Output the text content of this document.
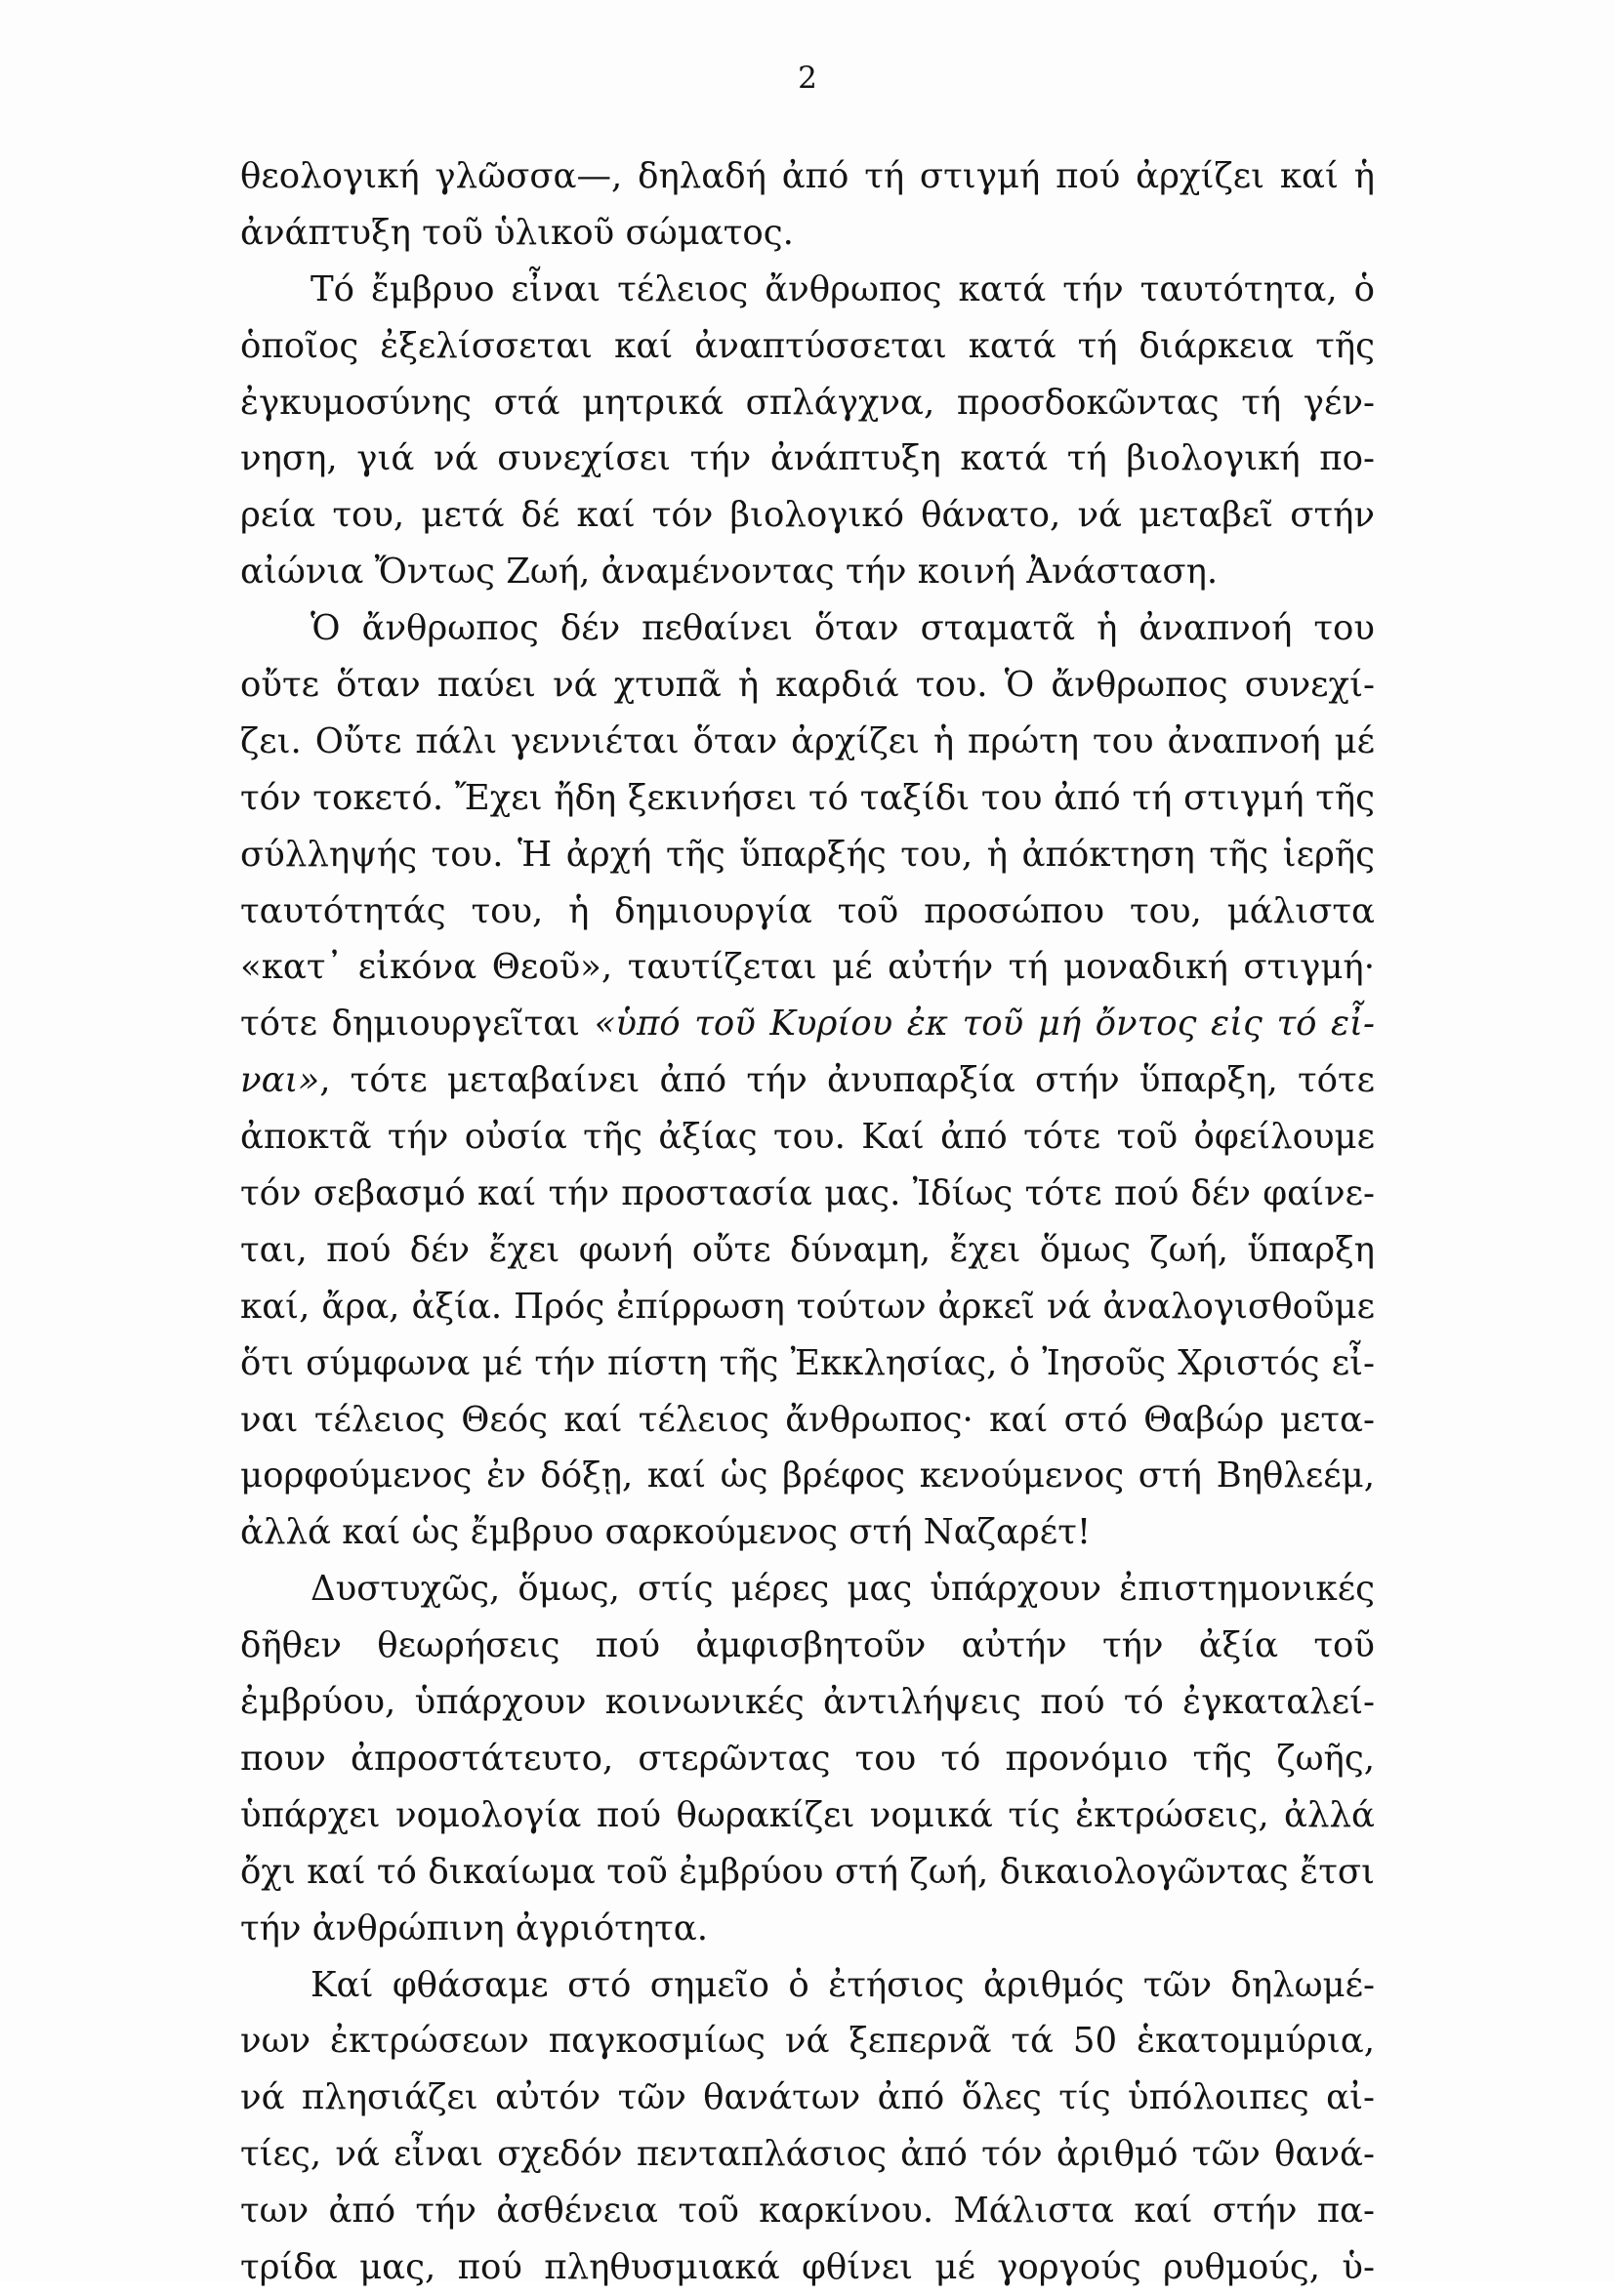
2
θεολογική γλῶσσα—, δηλαδή ἀπό τή στιγμή πού ἀρχίζει καί ἡ
ἀνάπτυξη τοῦ ὑλικοῦ σώματος.
Τό ἔμβρυο εἶναι τέλειος ἄνθρωπος κατά τήν ταυτότητα, ὁ
ὁποῖος ἐξελίσσεται καί ἀναπτύσσεται κατά τή διάρκεια τῆς
ἐγκυμοσύνης στά μητρικά σπλάγχνα, προσδοκῶντας τή γέν-
νηση, γιά νά συνεχίσει τήν ἀνάπτυξη κατά τή βιολογική πο-
ρεία του, μετά δέ καί τόν βιολογικό θάνατο, νά μεταβεῖ στήν
αἰώνια Ὄντως Ζωή, ἀναμένοντας τήν κοινή Ἀνάσταση.
Ὁ ἄνθρωπος δέν πεθαίνει ὅταν σταματᾶ ἡ ἀναπνοή του
οὔτε ὅταν παύει νά χτυπᾶ ἡ καρδιά του. Ὁ ἄνθρωπος συνεχί-
ζει. Οὔτε πάλι γεννιέται ὅταν ἀρχίζει ἡ πρώτη του ἀναπνοή μέ
τόν τοκετό. Ἔχει ἤδη ξεκινήσει τό ταξίδι του ἀπό τή στιγμή τῆς
σύλληψής του. Ἡ ἀρχή τῆς ὕπαρξής του, ἡ ἀπόκτηση τῆς ἱερῆς
ταυτότητάς του, ἡ δημιουργία τοῦ προσώπου του, μάλιστα
«κατ᾽ εἰκόνα Θεοῦ», ταυτίζεται μέ αὐτήν τή μοναδική στιγμή·
τότε δημιουργεῖται «ὑπό τοῦ Κυρίου ἐκ τοῦ μή ὄντος εἰς τό εἶ-
ναι», τότε μεταβαίνει ἀπό τήν ἀνυπαρξία στήν ὕπαρξη, τότε
ἀποκτᾶ τήν οὐσία τῆς ἀξίας του. Καί ἀπό τότε τοῦ ὀφείλουμε
τόν σεβασμό καί τήν προστασία μας. Ἰδίως τότε πού δέν φαίνε-
ται, πού δέν ἔχει φωνή οὔτε δύναμη, ἔχει ὅμως ζωή, ὕπαρξη
καί, ἄρα, ἀξία. Πρός ἐπίρρωση τούτων ἀρκεῖ νά ἀναλογισθοῦμε
ὅτι σύμφωνα μέ τήν πίστη τῆς Ἐκκλησίας, ὁ Ἰησοῦς Χριστός εἶ-
ναι τέλειος Θεός καί τέλειος ἄνθρωπος· καί στό Θαβώρ μετα-
μορφούμενος ἐν δόξῃ, καί ὡς βρέφος κενούμενος στή Βηθλεέμ,
ἀλλά καί ὡς ἔμβρυο σαρκούμενος στή Ναζαρέτ!
Δυστυχῶς, ὅμως, στίς μέρες μας ὑπάρχουν ἐπιστημονικές
δῆθεν θεωρήσεις πού ἀμφισβητοῦν αὐτήν τήν ἀξία τοῦ
ἐμβρύου, ὑπάρχουν κοινωνικές ἀντιλήψεις πού τό ἐγκαταλεί-
πουν ἀπροστάτευτο, στερῶντας του τό προνόμιο τῆς ζωῆς,
ὑπάρχει νομολογία πού θωρακίζει νομικά τίς ἐκτρώσεις, ἀλλά
ὄχι καί τό δικαίωμα τοῦ ἐμβρύου στή ζωή, δικαιολογῶντας ἔτσι
τήν ἀνθρώπινη ἀγριότητα.
Καί φθάσαμε στό σημεῖο ὁ ἐτήσιος ἀριθμός τῶν δηλωμέ-
νων ἐκτρώσεων παγκοσμίως νά ξεπερνᾶ τά 50 ἑκατομμύρια,
νά πλησιάζει αὐτόν τῶν θανάτων ἀπό ὅλες τίς ὑπόλοιπες αἰ-
τίες, νά εἶναι σχεδόν πενταπλάσιος ἀπό τόν ἀριθμό τῶν θανά-
των ἀπό τήν ἀσθένεια τοῦ καρκίνου. Μάλιστα καί στήν πα-
τρίδα μας, πού πληθυσμιακά φθίνει μέ γοργούς ρυθμούς, ὑ-
